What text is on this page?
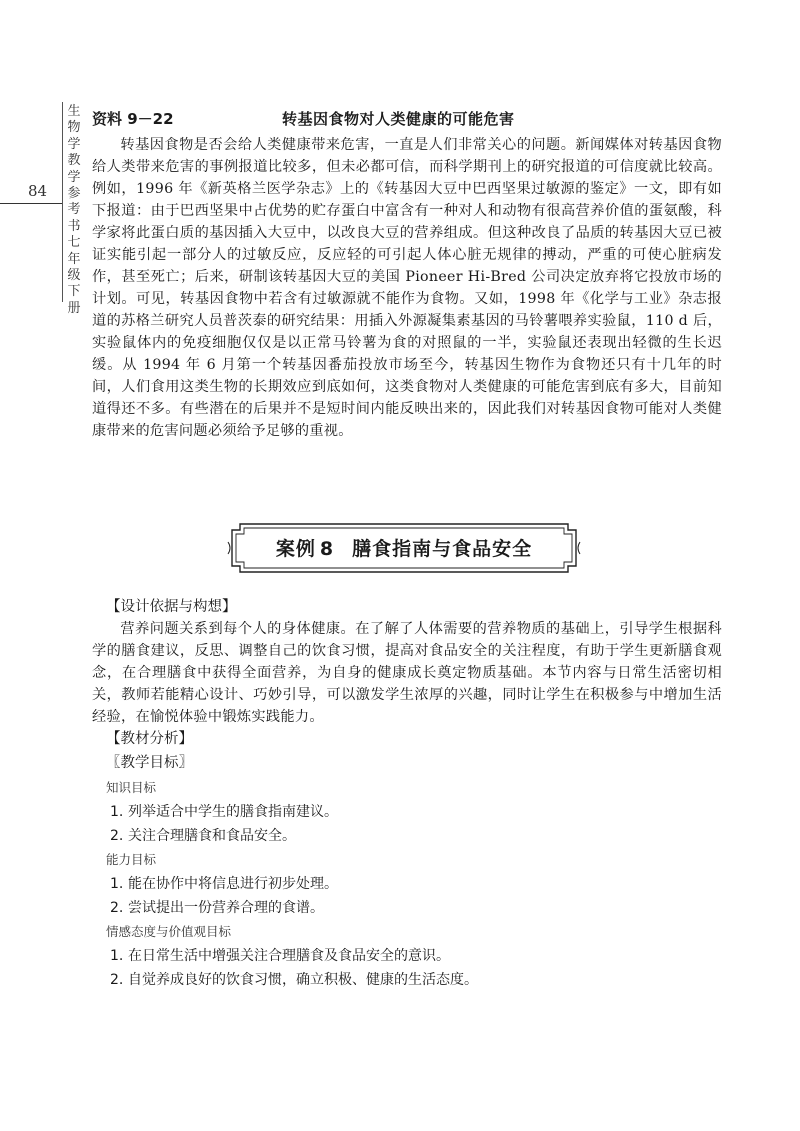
84
生
物
学
教
学
参
考
书
七
年
级
下
册
资料 9－22	转基因食物对人类健康的可能危害

转基因食物是否会给人类健康带来危害，一直是人们非常关心的问题。新闻媒体对转基因食物给人类带来危害的事例报道比较多，但未必都可信，而科学期刊上的研究报道的可信度就比较高。例如，1996 年《新英格兰医学杂志》上的《转基因大豆中巴西坚果过敏源的鉴定》一文，即有如下报道：由于巴西坚果中占优势的贮存蛋白中富含有一种对人和动物有很高营养价值的蛋氨酸，科学家将此蛋白质的基因插入大豆中，以改良大豆的营养组成。但这种改良了品质的转基因大豆已被证实能引起一部分人的过敏反应，反应轻的可引起人体心脏无规律的搏动，严重的可使心脏病发作，甚至死亡；后来，研制该转基因大豆的美国 Pioneer Hi-Bred 公司决定放弃将它投放市场的计划。可见，转基因食物中若含有过敏源就不能作为食物。又如，1998 年《化学与工业》杂志报道的苏格兰研究人员普茨泰的研究结果：用插入外源凝集素基因的马铃薯喂养实验鼠，110 d 后，实验鼠体内的免疫细胞仅仅是以正常马铃薯为食的对照鼠的一半，实验鼠还表现出轻微的生长迟缓。从 1994 年 6 月第一个转基因番茄投放市场至今，转基因生物作为食物还只有十几年的时间，人们食用这类生物的长期效应到底如何，这类食物对人类健康的可能危害到底有多大，目前知道得还不多。有些潜在的后果并不是短时间内能反映出来的，因此我们对转基因食物可能对人类健康带来的危害问题必须给予足够的重视。

案例 8 膳食指南与食品安全

【设计依据与构想】

营养问题关系到每个人的身体健康。在了解了人体需要的营养物质的基础上，引导学生根据科学的膳食建议，反思、调整自己的饮食习惯，提高对食品安全的关注程度，有助于学生更新膳食观念，在合理膳食中获得全面营养，为自身的健康成长奠定物质基础。本节内容与日常生活密切相关，教师若能精心设计、巧妙引导，可以激发学生浓厚的兴趣，同时让学生在积极参与中增加生活经验，在愉悦体验中锻炼实践能力。

【教材分析】

〖教学目标〗

知识目标

1. 列举适合中学生的膳食指南建议。

2. 关注合理膳食和食品安全。

能力目标

1. 能在协作中将信息进行初步处理。

2. 尝试提出一份营养合理的食谱。

情感态度与价值观目标

1. 在日常生活中增强关注合理膳食及食品安全的意识。

2. 自觉养成良好的饮食习惯，确立积极、健康的生活态度。
